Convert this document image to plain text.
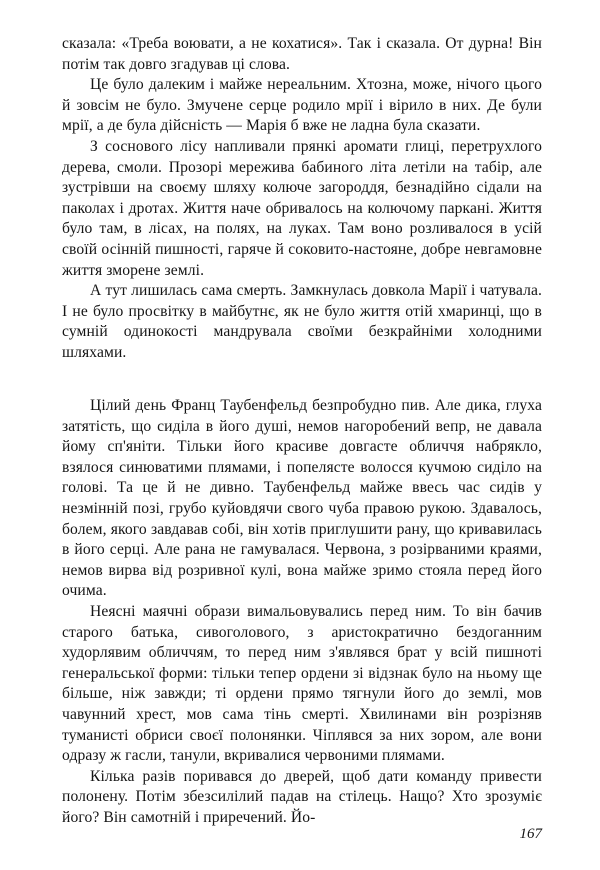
сказала: «Треба воювати, а не кохатися». Так і сказала. От дурна! Він потім так довго згадував ці слова.

Це було далеким і майже нереальним. Хтозна, може, нічого цього й зовсім не було. Змучене серце родило мрії і вірило в них. Де були мрії, а де була дійсність — Марія б вже не ладна була сказати.

З соснового лісу напливали прянкі аромати глиці, перетрухлого дерева, смоли. Прозорі мережива бабиного літа летіли на табір, але зустрівши на своєму шляху колюче загороддя, безнадійно сідали на паколах і дротах. Життя наче обривалось на колючому паркані. Життя було там, в лісах, на полях, на луках. Там воно розливалося в усій своїй осінній пишності, гаряче й соковито-настояне, добре невгамовне життя зморене землі.

А тут лишилась сама смерть. Замкнулась довкола Марії і чатувала. І не було просвітку в майбутнє, як не було життя отій хмаринці, що в сумній одинокості мандрувала своїми безкрайніми холодними шляхами.

Цілий день Франц Таубенфельд безпробудно пив. Але дика, глуха затятість, що сиділа в його душі, немов нагоробений вепр, не давала йому сп'яніти. Тільки його красиве довгасте обличчя набрякло, взялося синюватими плямами, і попелясте волосся кучмою сиділо на голові. Та це й не дивно. Таубенфельд майже ввесь час сидів у незмінній позі, грубо куйовдячи свого чуба правою рукою. Здавалось, болем, якого завдавав собі, він хотів приглушити рану, що кривавилась в його серці. Але рана не гамувалася. Червона, з розірваними краями, немов вирва від розривної кулі, вона майже зримо стояла перед його очима.

Неясні маячні образи вимальовувались перед ним. То він бачив старого батька, сивоголового, з аристократично бездоганним худорлявим обличчям, то перед ним з'являвся брат у всій пишноті генеральської форми: тільки тепер ордени зі відзнак було на ньому ще більше, ніж завжди; ті ордени прямо тягнули його до землі, мов чавунний хрест, мов сама тінь смерті. Хвилинами він розрізняв туманисті обриси своєї полонянки. Чіплявся за них зором, але вони одразу ж гасли, танули, вкривалися червоними плямами.

Кілька разів поривався до дверей, щоб дати команду привести полонену. Потім збезсилілий падав на стілець. Нащо? Хто зрозуміє його? Він самотній і приречений. Йо-

167
